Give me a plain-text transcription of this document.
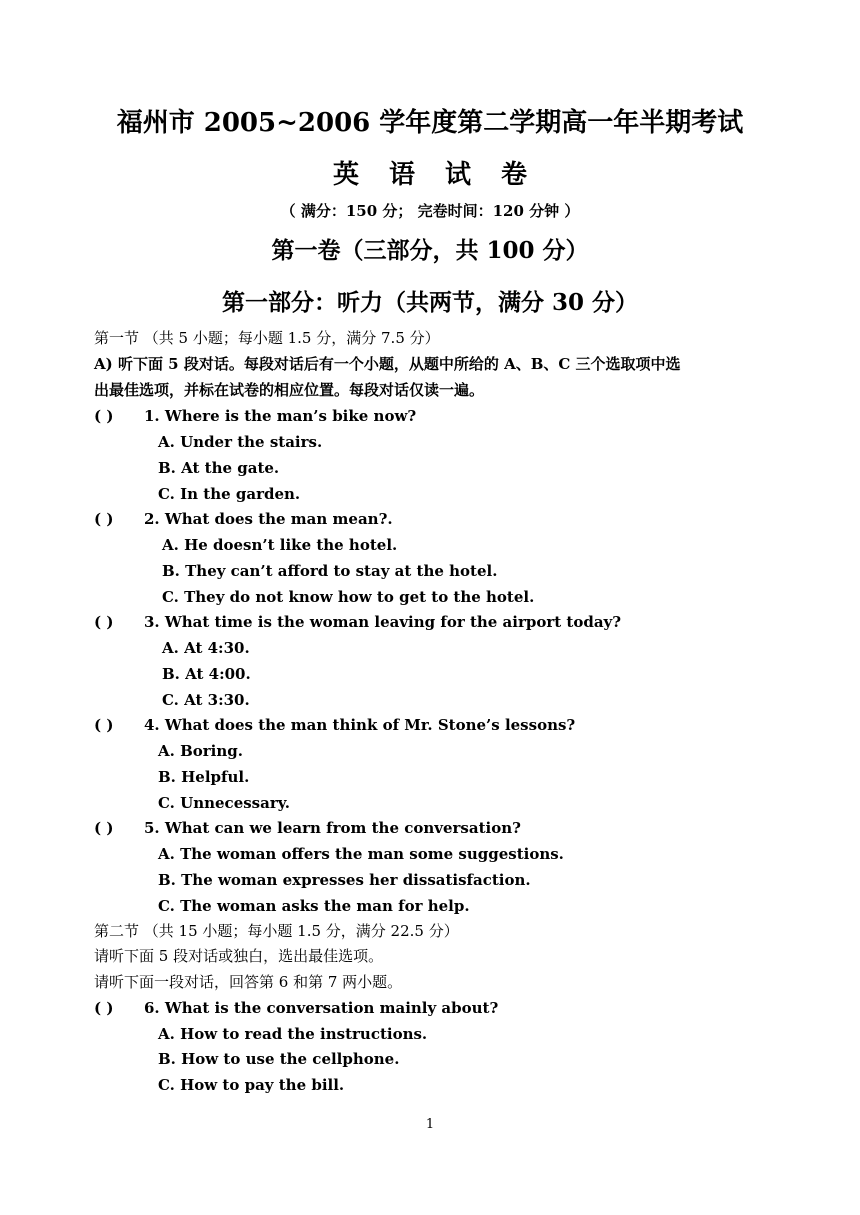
福州市 2005~2006 学年度第二学期高一年半期考试
英语试卷
（ 满分：150 分； 完卷时间：120 分钟 ）
第一卷（三部分，共 100 分）
第一部分：听力（共两节，满分 30 分）
第一节 （共 5 小题；每小题 1.5 分，满分 7.5 分）
A) 听下面 5 段对话。每段对话后有一个小题，从题中所给的 A、B、C 三个选取项中选
出最佳选项，并标在试卷的相应位置。每段对话仅读一遍。
( ) 1. Where is the man’s bike now?
A. Under the stairs.
B. At the gate.
C. In the garden.
( ) 2. What does the man mean?.
A. He doesn’t like the hotel.
B. They can’t afford to stay at the hotel.
C. They do not know how to get to the hotel.
( ) 3. What time is the woman leaving for the airport today?
A. At 4:30.
B. At 4:00.
C. At 3:30.
( ) 4. What does the man think of Mr. Stone’s lessons?
A. Boring.
B. Helpful.
C. Unnecessary.
( ) 5. What can we learn from the conversation?
A. The woman offers the man some suggestions.
B. The woman expresses her dissatisfaction.
C. The woman asks the man for help.
第二节 （共 15 小题；每小题 1.5 分，满分 22.5 分）
请听下面 5 段对话或独白，选出最佳选项。
请听下面一段对话，回答第 6 和第 7 两小题。
( ) 6. What is the conversation mainly about?
A. How to read the instructions.
B. How to use the cellphone.
C. How to pay the bill.
1
